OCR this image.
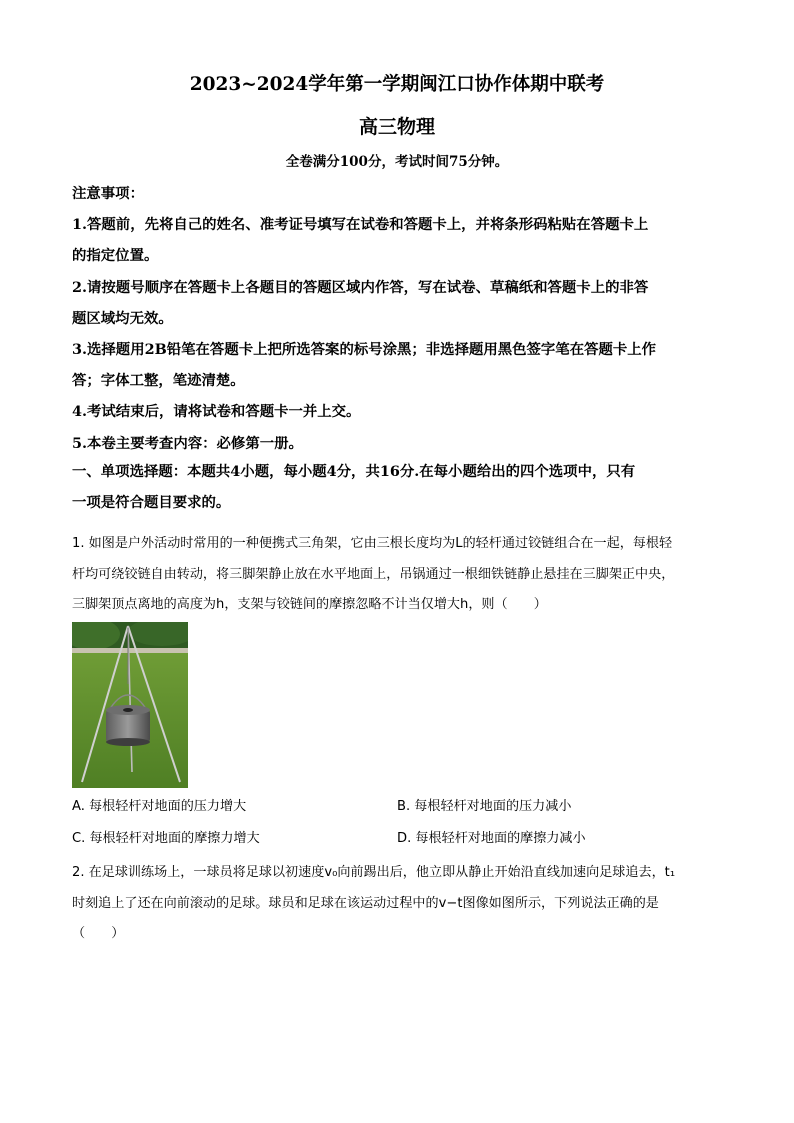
2023~2024学年第一学期闽江口协作体期中联考
高三物理
全卷满分100分，考试时间75分钟。
注意事项：
1.答题前，先将自己的姓名、准考证号填写在试卷和答题卡上，并将条形码粘贴在答题卡上
的指定位置。
2.请按题号顺序在答题卡上各题目的答题区域内作答，写在试卷、草稿纸和答题卡上的非答
题区域均无效。
3.选择题用2B铅笔在答题卡上把所选答案的标号涂黑；非选择题用黑色签字笔在答题卡上作
答；字体工整，笔迹清楚。
4.考试结束后，请将试卷和答题卡一并上交。
5.本卷主要考查内容：必修第一册。
一、单项选择题：本题共4小题，每小题4分，共16分.在每小题给出的四个选项中，只有
一项是符合题目要求的。
1. 如图是户外活动时常用的一种便携式三角架，它由三根长度均为L的轻杆通过铰链组合在一起，每根轻
杆均可绕铰链自由转动，将三脚架静止放在水平地面上，吊锅通过一根细铁链静止悬挂在三脚架正中央，
三脚架顶点离地的高度为h，支架与铰链间的摩擦忽略不计当仅增大h，则（　　）
A. 每根轻杆对地面的压力增大	B. 每根轻杆对地面的压力减小
C. 每根轻杆对地面的摩擦力增大	D. 每根轻杆对地面的摩擦力减小
2. 在足球训练场上，一球员将足球以初速度v₀向前踢出后，他立即从静止开始沿直线加速向足球追去，t₁
时刻追上了还在向前滚动的足球。球员和足球在该运动过程中的v−t图像如图所示，下列说法正确的是
（　　）
